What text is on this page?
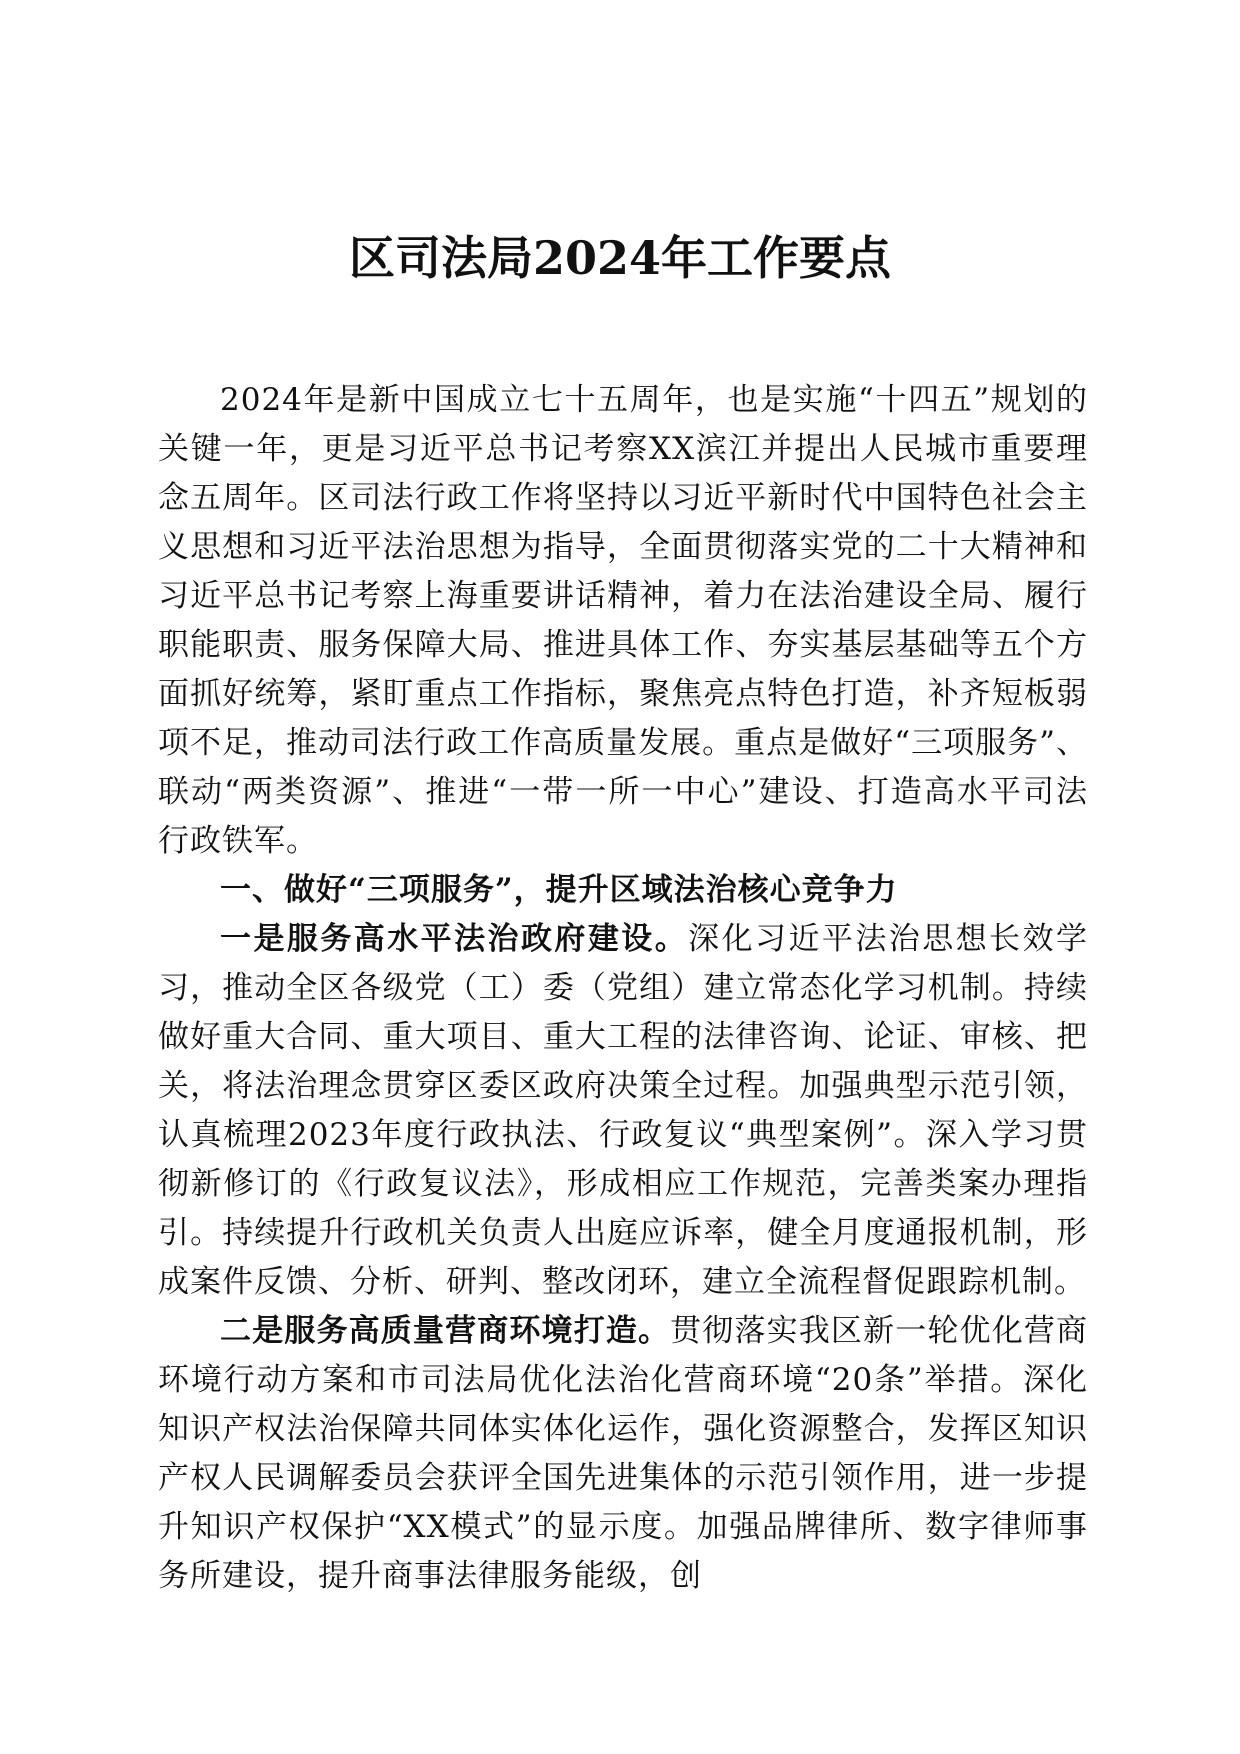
区司法局2024年工作要点

2024年是新中国成立七十五周年，也是实施“十四五”规划的关键一年，更是习近平总书记考察XX滨江并提出人民城市重要理念五周年。区司法行政工作将坚持以习近平新时代中国特色社会主义思想和习近平法治思想为指导，全面贯彻落实党的二十大精神和习近平总书记考察上海重要讲话精神，着力在法治建设全局、履行职能职责、服务保障大局、推进具体工作、夯实基层基础等五个方面抓好统筹，紧盯重点工作指标，聚焦亮点特色打造，补齐短板弱项不足，推动司法行政工作高质量发展。重点是做好“三项服务”、联动“两类资源”、推进“一带一所一中心”建设、打造高水平司法行政铁军。

一、做好“三项服务”，提升区域法治核心竞争力

一是服务高水平法治政府建设。深化习近平法治思想长效学习，推动全区各级党（工）委（党组）建立常态化学习机制。持续做好重大合同、重大项目、重大工程的法律咨询、论证、审核、把关，将法治理念贯穿区委区政府决策全过程。加强典型示范引领，认真梳理2023年度行政执法、行政复议“典型案例”。深入学习贯彻新修订的《行政复议法》，形成相应工作规范，完善类案办理指引。持续提升行政机关负责人出庭应诉率，健全月度通报机制，形成案件反馈、分析、研判、整改闭环，建立全流程督促跟踪机制。

二是服务高质量营商环境打造。贯彻落实我区新一轮优化营商环境行动方案和市司法局优化法治化营商环境“20条”举措。深化知识产权法治保障共同体实体化运作，强化资源整合，发挥区知识产权人民调解委员会获评全国先进集体的示范引领作用，进一步提升知识产权保护“XX模式”的显示度。加强品牌律所、数字律师事务所建设，提升商事法律服务能级，创
